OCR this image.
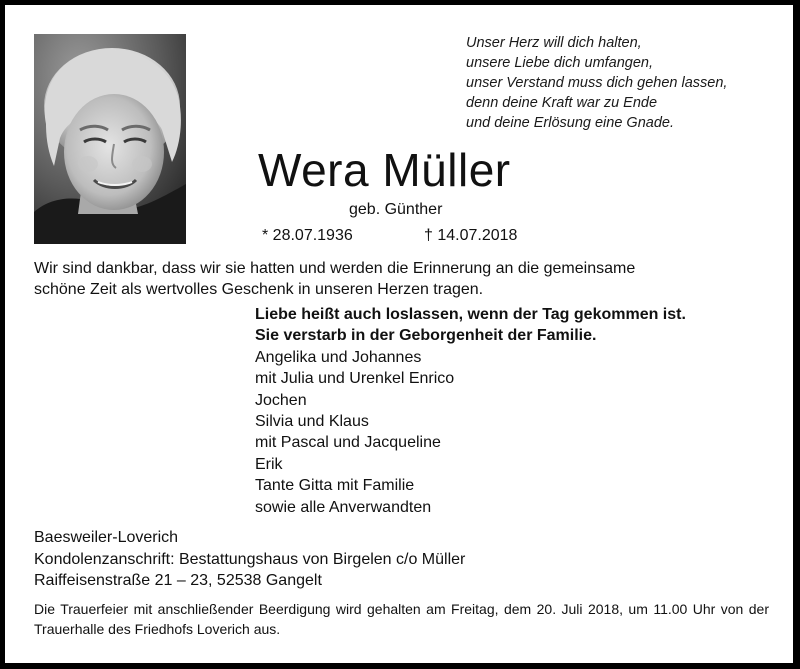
Unser Herz will dich halten,
unsere Liebe dich umfangen,
unser Verstand muss dich gehen lassen,
denn deine Kraft war zu Ende
und deine Erlösung eine Gnade.
Wera Müller
geb. Günther
* 28.07.1936	† 14.07.2018
Wir sind dankbar, dass wir sie hatten und werden die Erinnerung an die gemeinsame
schöne Zeit als wertvolles Geschenk in unseren Herzen tragen.
Liebe heißt auch loslassen, wenn der Tag gekommen ist.
Sie verstarb in der Geborgenheit der Familie.
Angelika und Johannes
mit Julia und Urenkel Enrico
Jochen
Silvia und Klaus
mit Pascal und Jacqueline
Erik
Tante Gitta mit Familie
sowie alle Anverwandten
Baesweiler-Loverich
Kondolenzanschrift: Bestattungshaus von Birgelen c/o Müller
Raiffeisenstraße 21 – 23, 52538 Gangelt
Die Trauerfeier mit anschließender Beerdigung wird gehalten am Freitag, dem 20. Juli 2018, um 11.00 Uhr von der Trauerhalle des Friedhofs Loverich aus.
